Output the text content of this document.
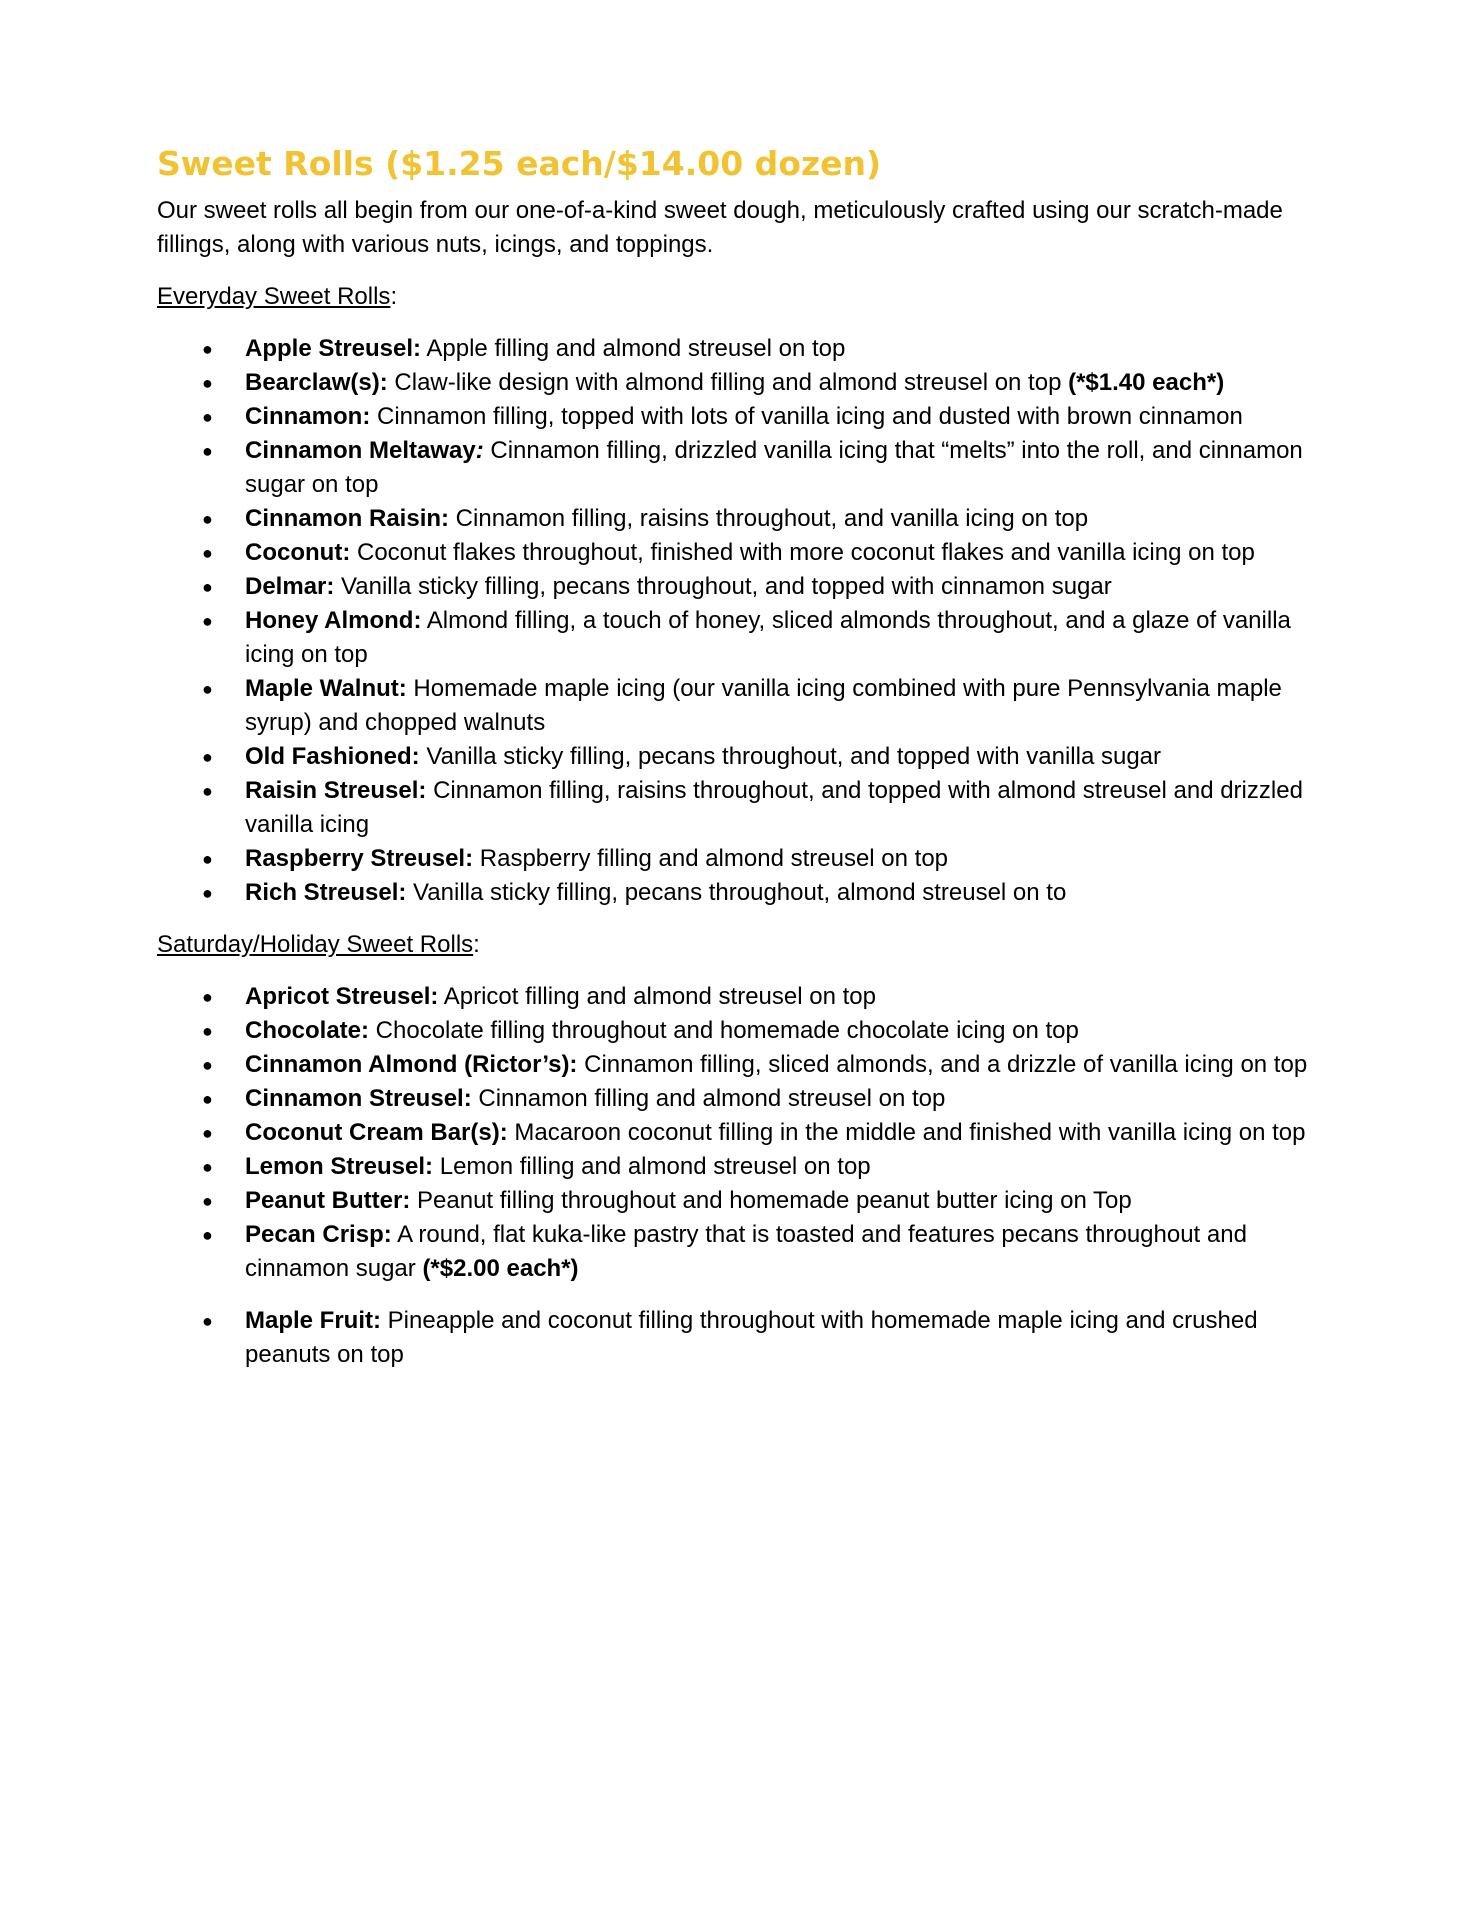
Sweet Rolls ($1.25 each/$14.00 dozen)

Our sweet rolls all begin from our one-of-a-kind sweet dough, meticulously crafted using our scratch-made fillings, along with various nuts, icings, and toppings.

Everyday Sweet Rolls:

● Apple Streusel: Apple filling and almond streusel on top
● Bearclaw(s): Claw-like design with almond filling and almond streusel on top (*$1.40 each*)
● Cinnamon: Cinnamon filling, topped with lots of vanilla icing and dusted with brown cinnamon
● Cinnamon Meltaway: Cinnamon filling, drizzled vanilla icing that “melts” into the roll, and cinnamon sugar on top
● Cinnamon Raisin: Cinnamon filling, raisins throughout, and vanilla icing on top
● Coconut: Coconut flakes throughout, finished with more coconut flakes and vanilla icing on top
● Delmar: Vanilla sticky filling, pecans throughout, and topped with cinnamon sugar
● Honey Almond: Almond filling, a touch of honey, sliced almonds throughout, and a glaze of vanilla icing on top
● Maple Walnut: Homemade maple icing (our vanilla icing combined with pure Pennsylvania maple syrup) and chopped walnuts
● Old Fashioned: Vanilla sticky filling, pecans throughout, and topped with vanilla sugar
● Raisin Streusel: Cinnamon filling, raisins throughout, and topped with almond streusel and drizzled vanilla icing
● Raspberry Streusel: Raspberry filling and almond streusel on top
● Rich Streusel: Vanilla sticky filling, pecans throughout, almond streusel on to

Saturday/Holiday Sweet Rolls:

● Apricot Streusel: Apricot filling and almond streusel on top
● Chocolate: Chocolate filling throughout and homemade chocolate icing on top
● Cinnamon Almond (Rictor’s): Cinnamon filling, sliced almonds, and a drizzle of vanilla icing on top
● Cinnamon Streusel: Cinnamon filling and almond streusel on top
● Coconut Cream Bar(s): Macaroon coconut filling in the middle and finished with vanilla icing on top
● Lemon Streusel: Lemon filling and almond streusel on top
● Peanut Butter: Peanut filling throughout and homemade peanut butter icing on Top
● Pecan Crisp: A round, flat kuka-like pastry that is toasted and features pecans throughout and cinnamon sugar (*$2.00 each*)
● Maple Fruit: Pineapple and coconut filling throughout with homemade maple icing and crushed peanuts on top
